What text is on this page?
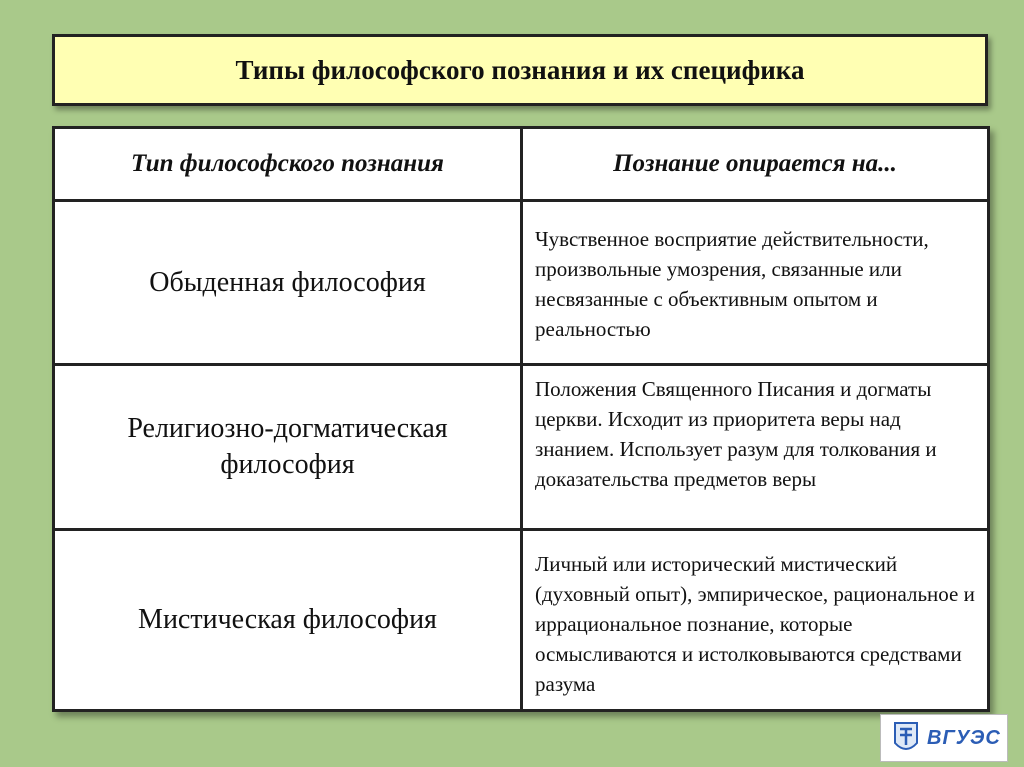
Типы философского познания и их специфика
Тип философского познания	Познание опирается на...
Обыденная философия	Чувственное восприятие действительности, произвольные умозрения, связанные или несвязанные с объективным опытом и реальностью
Религиозно-догматическая философия	Положения Священного Писания и догматы церкви. Исходит из приоритета веры над знанием. Использует разум для толкования и доказательства предметов веры
Мистическая философия	Личный или исторический мистический (духовный опыт), эмпирическое, рациональное и иррациональное познание, которые осмысливаются и истолковываются средствами разума
ВГУЭС
